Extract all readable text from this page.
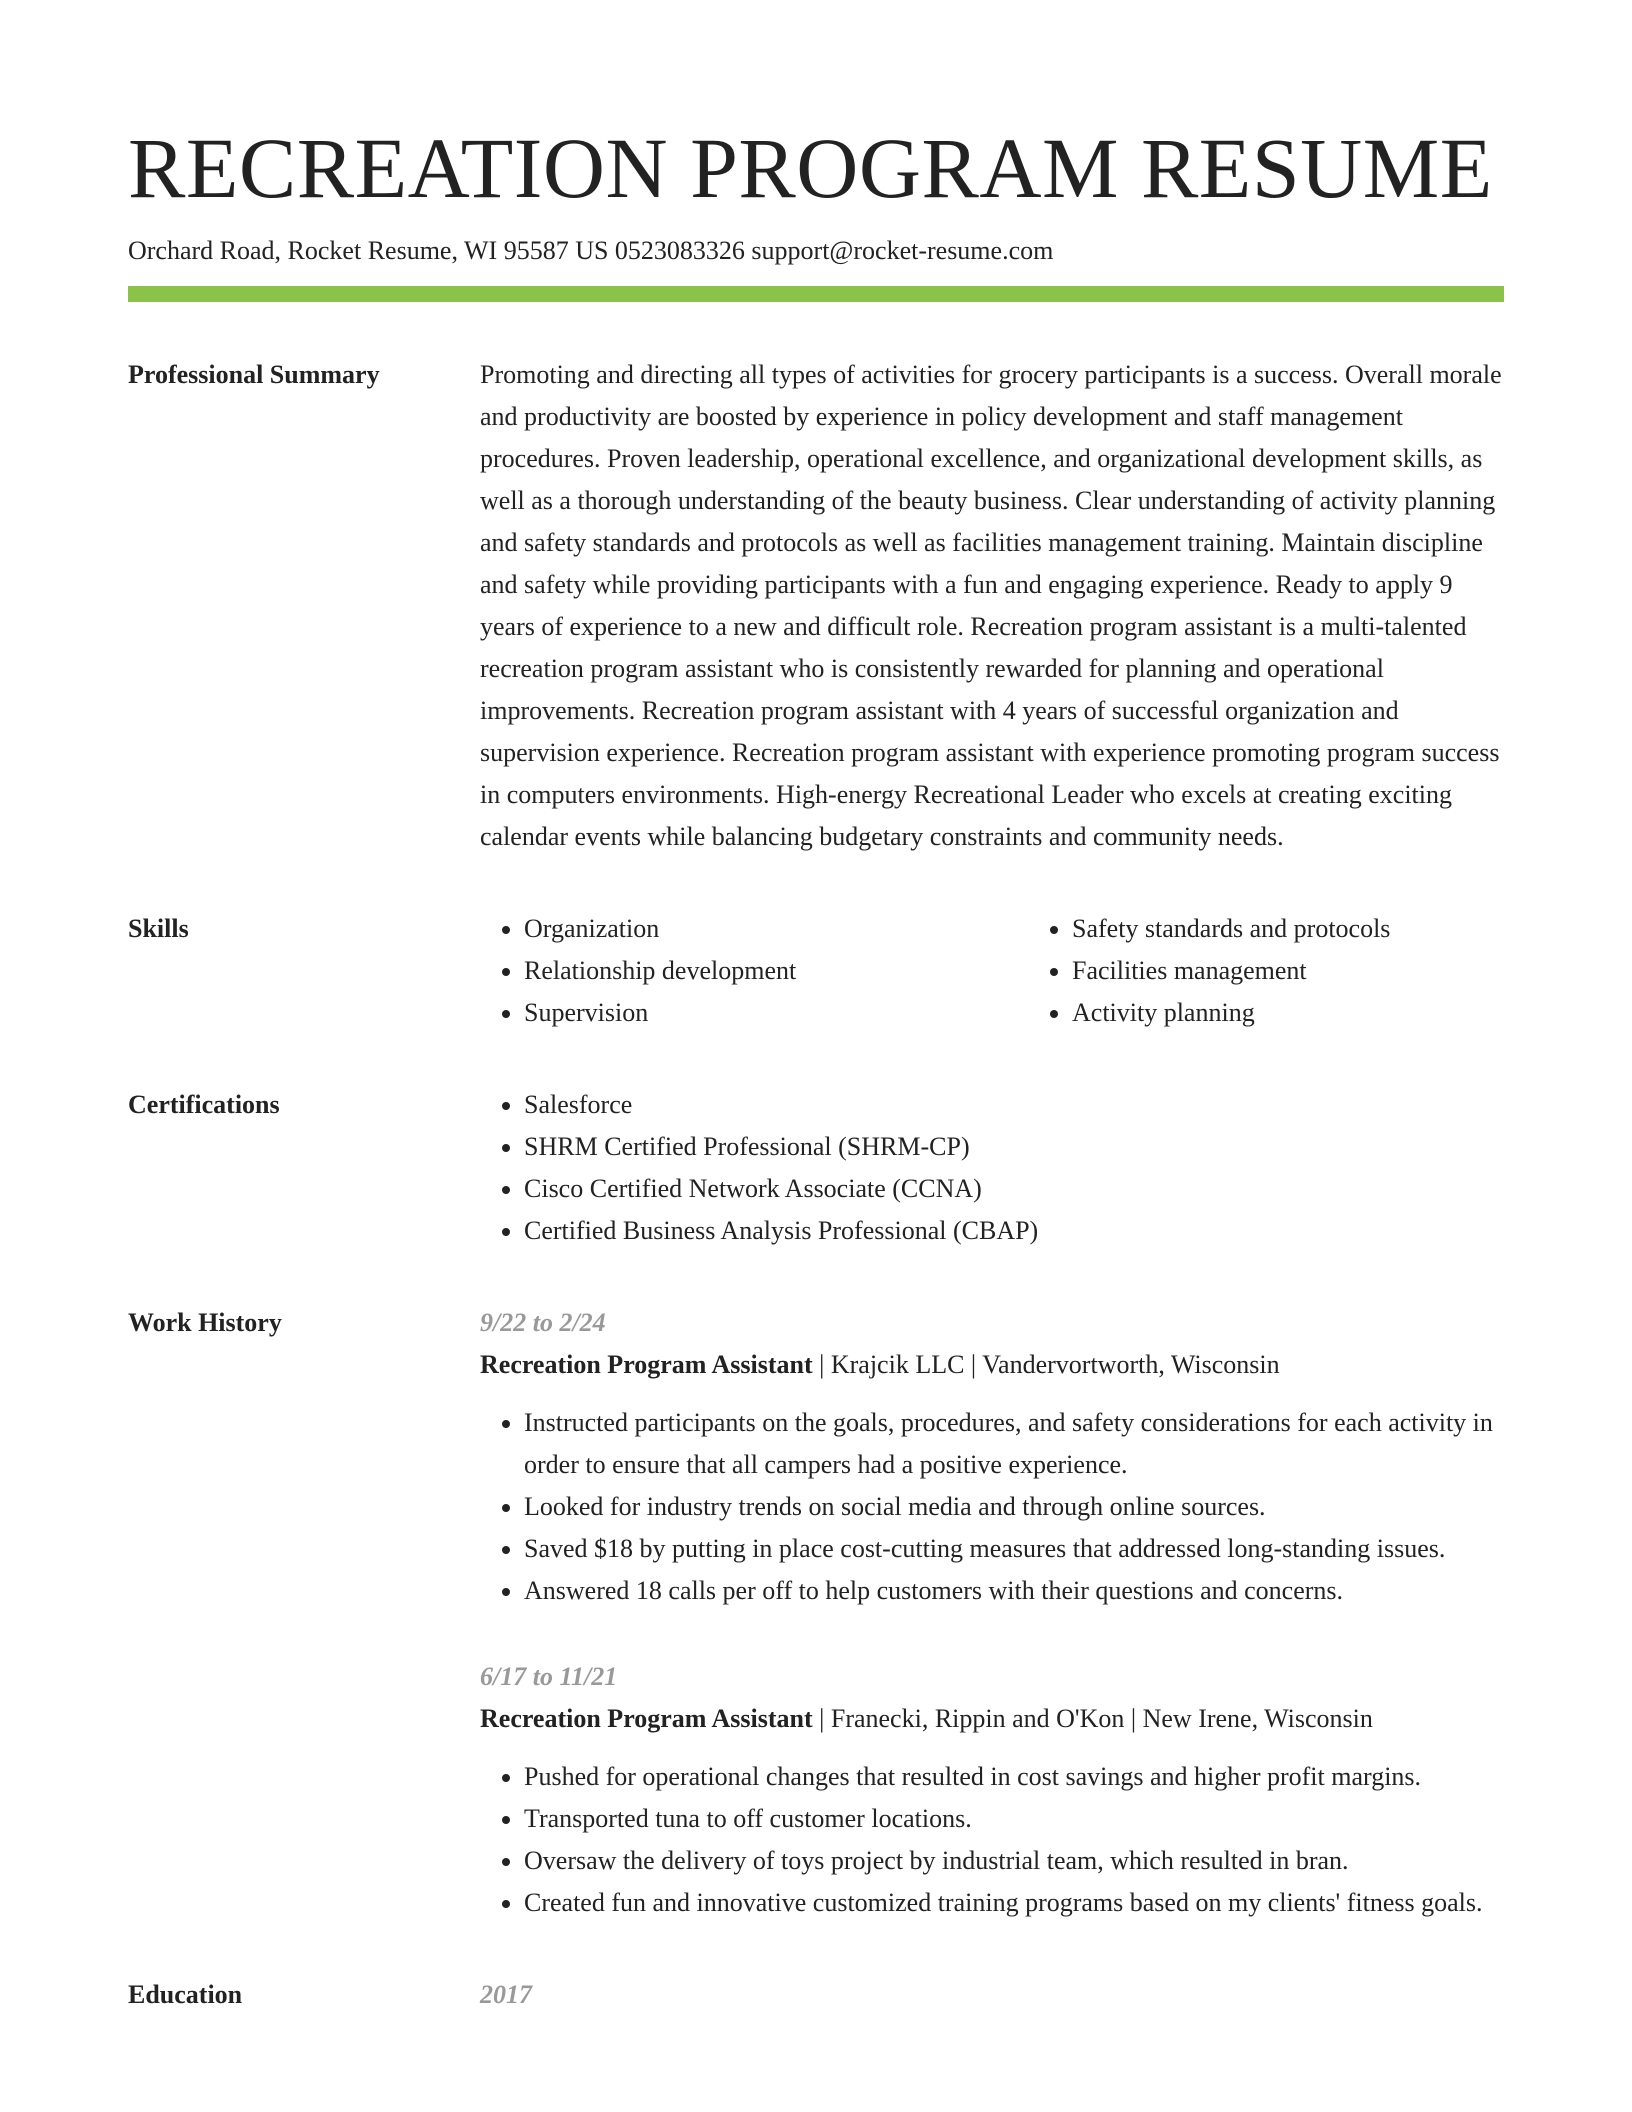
RECREATION PROGRAM RESUME
Orchard Road, Rocket Resume, WI 95587 US 0523083326 support@rocket-resume.com
Professional Summary	Promoting and directing all types of activities for grocery participants is a success. Overall morale and productivity are boosted by experience in policy development and staff management procedures. Proven leadership, operational excellence, and organizational development skills, as well as a thorough understanding of the beauty business. Clear understanding of activity planning and safety standards and protocols as well as facilities management training. Maintain discipline and safety while providing participants with a fun and engaging experience. Ready to apply 9 years of experience to a new and difficult role. Recreation program assistant is a multi-talented recreation program assistant who is consistently rewarded for planning and operational improvements. Recreation program assistant with 4 years of successful organization and supervision experience. Recreation program assistant with experience promoting program success in computers environments. High-energy Recreational Leader who excels at creating exciting calendar events while balancing budgetary constraints and community needs.

Skills	• Organization
• Relationship development
• Supervision
• Safety standards and protocols
• Facilities management
• Activity planning
Certifications	• Salesforce
• SHRM Certified Professional (SHRM-CP)
• Cisco Certified Network Associate (CCNA)
• Certified Business Analysis Professional (CBAP)
Work History	9/22 to 2/24
Recreation Program Assistant | Krajcik LLC | Vandervortworth, Wisconsin
• Instructed participants on the goals, procedures, and safety considerations for each activity in order to ensure that all campers had a positive experience.
• Looked for industry trends on social media and through online sources.
• Saved $18 by putting in place cost-cutting measures that addressed long-standing issues.
• Answered 18 calls per off to help customers with their questions and concerns.
6/17 to 11/21
Recreation Program Assistant | Franecki, Rippin and O'Kon | New Irene, Wisconsin
• Pushed for operational changes that resulted in cost savings and higher profit margins.
• Transported tuna to off customer locations.
• Oversaw the delivery of toys project by industrial team, which resulted in bran.
• Created fun and innovative customized training programs based on my clients' fitness goals.
Education	2017
